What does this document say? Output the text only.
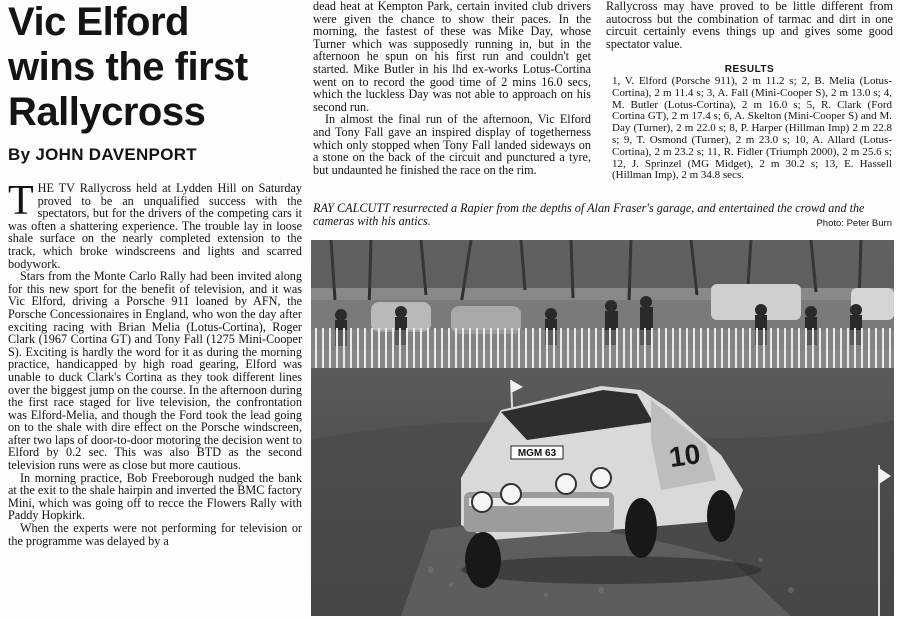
Vic Elford
wins the first
Rallycross

By JOHN DAVENPORT

THE TV Rallycross held at Lydden Hill on Saturday proved to be an unqualified success with the spectators, but for the drivers of the competing cars it was often a shattering experience. The trouble lay in loose shale surface on the nearly completed extension to the track, which broke windscreens and lights and scarred bodywork.

Stars from the Monte Carlo Rally had been invited along for this new sport for the benefit of television, and it was Vic Elford, driving a Porsche 911 loaned by AFN, the Porsche Concessionaires in England, who won the day after exciting racing with Brian Melia (Lotus-Cortina), Roger Clark (1967 Cortina GT) and Tony Fall (1275 Mini-Cooper S). Exciting is hardly the word for it as during the morning practice, handicapped by high road gearing, Elford was unable to duck Clark's Cortina as they took different lines over the biggest jump on the course. In the afternoon during the first race staged for live television, the confrontation was Elford-Melia, and though the Ford took the lead going on to the shale with dire effect on the Porsche windscreen, after two laps of door-to-door motoring the decision went to Elford by 0.2 sec. This was also BTD as the second television runs were as close but more cautious.

In morning practice, Bob Freeborough nudged the bank at the exit to the shale hairpin and inverted the BMC factory Mini, which was going off to recce the Flowers Rally with Paddy Hopkirk.

When the experts were not performing for television or the programme was delayed by a

dead heat at Kempton Park, certain invited club drivers were given the chance to show their paces. In the morning, the fastest of these was Mike Day, whose Turner which was supposedly running in, but in the afternoon he spun on his first run and couldn't get started. Mike Butler in his lhd ex-works Lotus-Cortina went on to record the good time of 2 mins 16.0 secs, which the luckless Day was not able to approach on his second run.

In almost the final run of the afternoon, Vic Elford and Tony Fall gave an inspired display of togetherness which only stopped when Tony Fall landed sideways on a stone on the back of the circuit and punctured a tyre, but undaunted he finished the race on the rim.

Rallycross may have proved to be little different from autocross but the combination of tarmac and dirt in one circuit certainly evens things up and gives some good spectator value.

RESULTS

1, V. Elford (Porsche 911), 2 m 11.2 s; 2, B. Melia (Lotus-Cortina), 2 m 11.4 s; 3, A. Fall (Mini-Cooper S), 2 m 13.0 s; 4, M. Butler (Lotus-Cortina), 2 m 16.0 s; 5, R. Clark (Ford Cortina GT), 2 m 17.4 s; 6, A. Skelton (Mini-Cooper S) and M. Day (Turner), 2 m 22.0 s; 8, P. Harper (Hillman Imp) 2 m 22.8 s; 9, T. Osmond (Turner), 2 m 23.0 s; 10, A. Allard (Lotus-Cortina), 2 m 23.2 s; 11, R. Fidler (Triumph 2000), 2 m 25.6 s; 12, J. Sprinzel (MG Midget), 2 m 30.2 s; 13, E. Hassell (Hillman Imp), 2 m 34.8 secs.

RAY CALCUTT resurrected a Rapier from the depths of Alan Fraser's garage, and entertained the crowd and the cameras with his antics.	Photo: Peter Burn

MGM 63	10
